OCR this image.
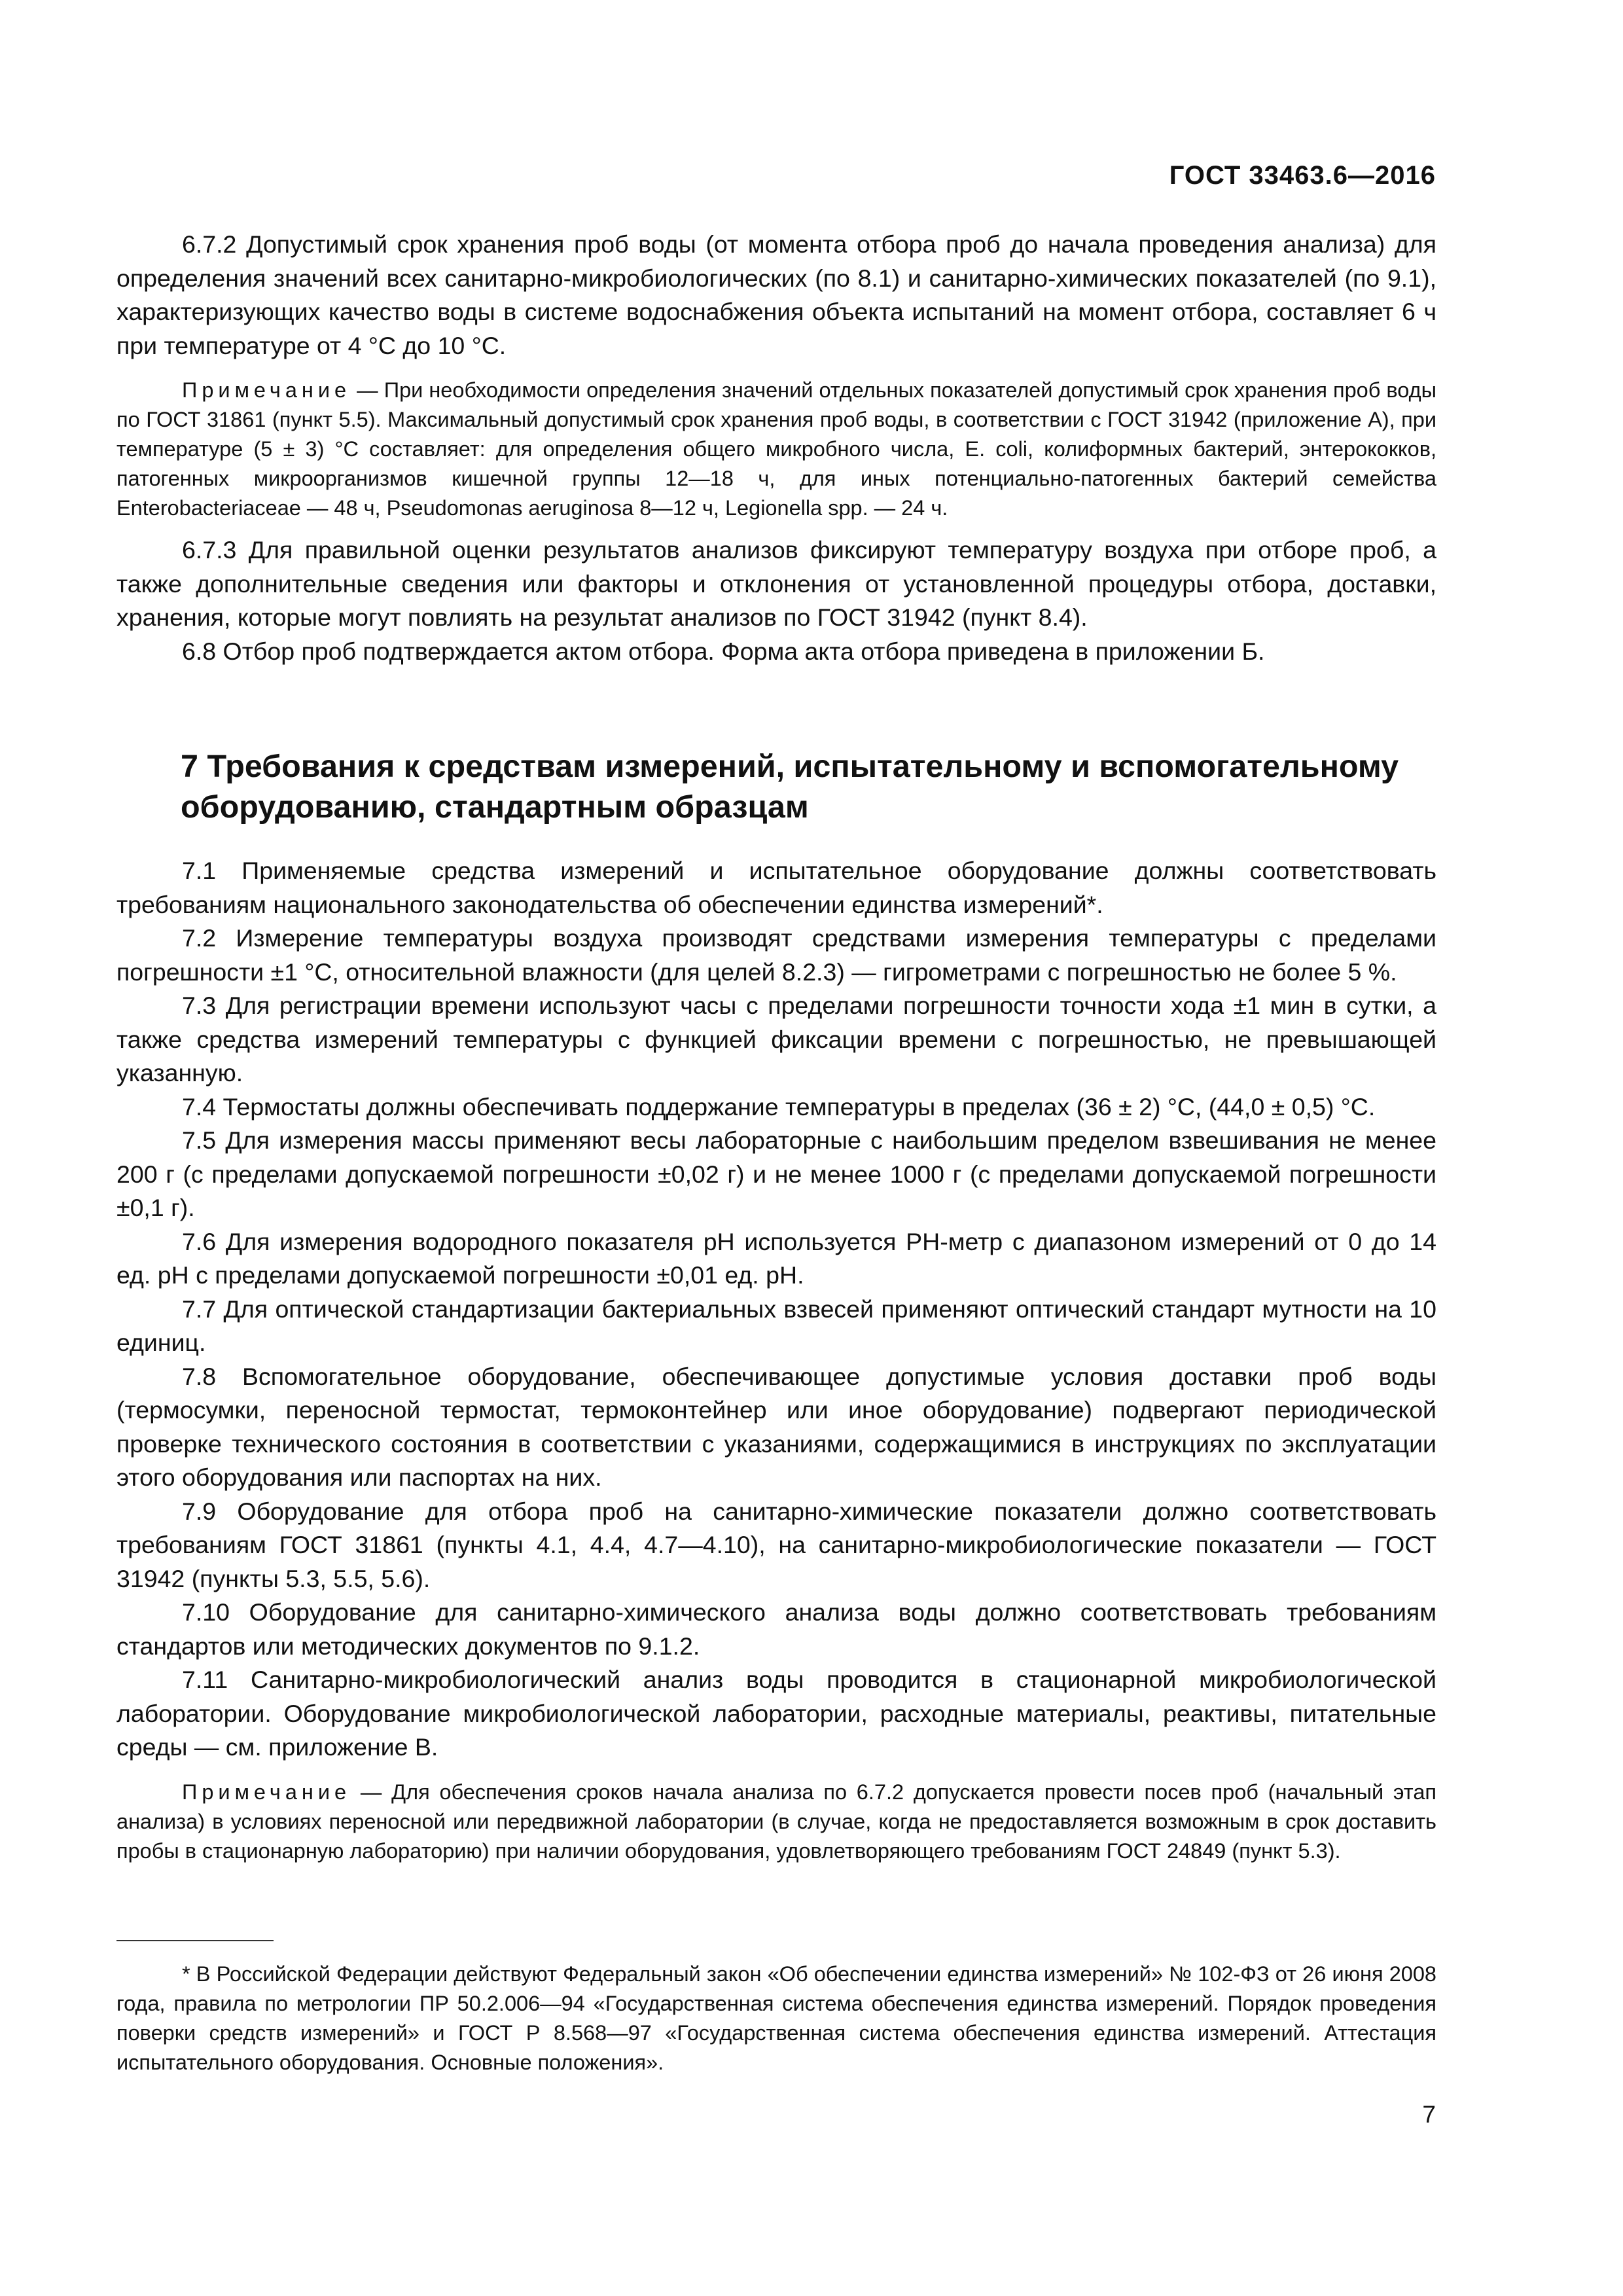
ГОСТ 33463.6—2016

6.7.2 Допустимый срок хранения проб воды (от момента отбора проб до начала проведения анализа) для определения значений всех санитарно-микробиологических (по 8.1) и санитарно-химических показателей (по 9.1), характеризующих качество воды в системе водоснабжения объекта испытаний на момент отбора, составляет 6 ч при температуре от 4 °С до 10 °С.

Примечание — При необходимости определения значений отдельных показателей допустимый срок хранения проб воды по ГОСТ 31861 (пункт 5.5). Максимальный допустимый срок хранения проб воды, в соответствии с ГОСТ 31942 (приложение А), при температуре (5 ± 3) °С составляет: для определения общего микробного числа, E. coli, колиформных бактерий, энтерококков, патогенных микроорганизмов кишечной группы 12—18 ч, для иных потенциально-патогенных бактерий семейства Enterobacteriaceae — 48 ч, Pseudomonas aeruginosa 8—12 ч, Legionella spp. — 24 ч.

6.7.3 Для правильной оценки результатов анализов фиксируют температуру воздуха при отборе проб, а также дополнительные сведения или факторы и отклонения от установленной процедуры отбора, доставки, хранения, которые могут повлиять на результат анализов по ГОСТ 31942 (пункт 8.4).

6.8 Отбор проб подтверждается актом отбора. Форма акта отбора приведена в приложении Б.

7 Требования к средствам измерений, испытательному и вспомогательному оборудованию, стандартным образцам

7.1 Применяемые средства измерений и испытательное оборудование должны соответствовать требованиям национального законодательства об обеспечении единства измерений*.

7.2 Измерение температуры воздуха производят средствами измерения температуры с пределами погрешности ±1 °С, относительной влажности (для целей 8.2.3) — гигрометрами с погрешностью не более 5 %.

7.3 Для регистрации времени используют часы с пределами погрешности точности хода ±1 мин в сутки, а также средства измерений температуры с функцией фиксации времени с погрешностью, не превышающей указанную.

7.4 Термостаты должны обеспечивать поддержание температуры в пределах (36 ± 2) °С, (44,0 ± 0,5) °С.

7.5 Для измерения массы применяют весы лабораторные с наибольшим пределом взвешивания не менее 200 г (с пределами допускаемой погрешности ±0,02 г) и не менее 1000 г (с пределами допускаемой погрешности ±0,1 г).

7.6 Для измерения водородного показателя pH используется PH-метр с диапазоном измерений от 0 до 14 ед. pH с пределами допускаемой погрешности ±0,01 ед. pH.

7.7 Для оптической стандартизации бактериальных взвесей применяют оптический стандарт мутности на 10 единиц.

7.8 Вспомогательное оборудование, обеспечивающее допустимые условия доставки проб воды (термосумки, переносной термостат, термоконтейнер или иное оборудование) подвергают периодической проверке технического состояния в соответствии с указаниями, содержащимися в инструкциях по эксплуатации этого оборудования или паспортах на них.

7.9 Оборудование для отбора проб на санитарно-химические показатели должно соответствовать требованиям ГОСТ 31861 (пункты 4.1, 4.4, 4.7—4.10), на санитарно-микробиологические показатели — ГОСТ 31942 (пункты 5.3, 5.5, 5.6).

7.10 Оборудование для санитарно-химического анализа воды должно соответствовать требованиям стандартов или методических документов по 9.1.2.

7.11 Санитарно-микробиологический анализ воды проводится в стационарной микробиологической лаборатории. Оборудование микробиологической лаборатории, расходные материалы, реактивы, питательные среды — см. приложение В.

Примечание — Для обеспечения сроков начала анализа по 6.7.2 допускается провести посев проб (начальный этап анализа) в условиях переносной или передвижной лаборатории (в случае, когда не предоставляется возможным в срок доставить пробы в стационарную лабораторию) при наличии оборудования, удовлетворяющего требованиям ГОСТ 24849 (пункт 5.3).

* В Российской Федерации действуют Федеральный закон «Об обеспечении единства измерений» № 102-ФЗ от 26 июня 2008 года, правила по метрологии ПР 50.2.006—94 «Государственная система обеспечения единства измерений. Порядок проведения поверки средств измерений» и ГОСТ Р 8.568—97 «Государственная система обеспечения единства измерений. Аттестация испытательного оборудования. Основные положения».

7
